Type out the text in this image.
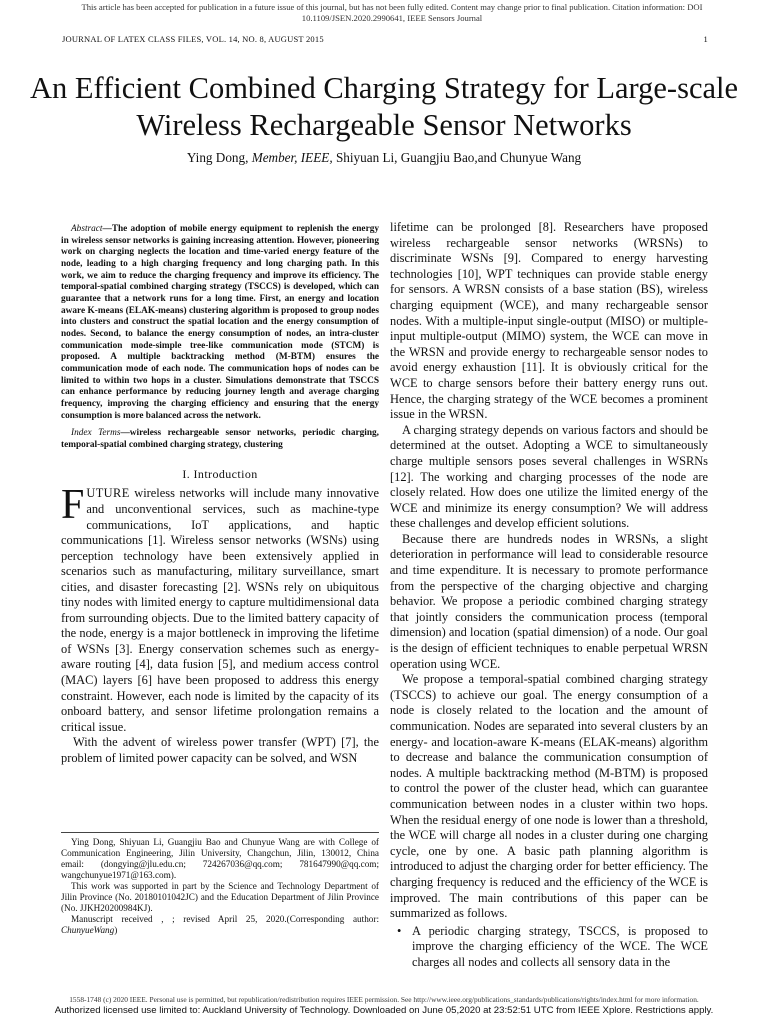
This article has been accepted for publication in a future issue of this journal, but has not been fully edited. Content may change prior to final publication. Citation information: DOI 10.1109/JSEN.2020.2990641, IEEE Sensors Journal
JOURNAL OF LATEX CLASS FILES, VOL. 14, NO. 8, AUGUST 2015	1
An Efficient Combined Charging Strategy for Large-scale Wireless Rechargeable Sensor Networks
Ying Dong, Member, IEEE, Shiyuan Li, Guangjiu Bao,and Chunyue Wang

Abstract—The adoption of mobile energy equipment to replenish the energy in wireless sensor networks is gaining increasing attention. However, pioneering work on charging neglects the location and time-varied energy feature of the node, leading to a high charging frequency and long charging path. In this work, we aim to reduce the charging frequency and improve its efficiency. The temporal-spatial combined charging strategy (TSCCS) is developed, which can guarantee that a network runs for a long time. First, an energy and location aware K-means (ELAK-means) clustering algorithm is proposed to group nodes into clusters and construct the spatial location and the energy consumption of nodes. Second, to balance the energy consumption of nodes, an intra-cluster communication mode-simple tree-like communication mode (STCM) is proposed. A multiple backtracking method (M-BTM) ensures the communication mode of each node. The communication hops of nodes can be limited to within two hops in a cluster. Simulations demonstrate that TSCCS can enhance performance by reducing journey length and average charging frequency, improving the charging efficiency and ensuring that the energy consumption is more balanced across the network.

Index Terms—wireless rechargeable sensor networks, periodic charging, temporal-spatial combined charging strategy, clustering

I. Introduction

FUTURE wireless networks will include many innovative and unconventional services, such as machine-type communications, IoT applications, and haptic communications [1]. Wireless sensor networks (WSNs) using perception technology have been extensively applied in scenarios such as manufacturing, military surveillance, smart cities, and disaster forecasting [2]. WSNs rely on ubiquitous tiny nodes with limited energy to capture multidimensional data from surrounding objects. Due to the limited battery capacity of the node, energy is a major bottleneck in improving the lifetime of WSNs [3]. Energy conservation schemes such as energy-aware routing [4], data fusion [5], and medium access control (MAC) layers [6] have been proposed to address this energy constraint. However, each node is limited by the capacity of its onboard battery, and sensor lifetime prolongation remains a critical issue.

With the advent of wireless power transfer (WPT) [7], the problem of limited power capacity can be solved, and WSN

Ying Dong, Shiyuan Li, Guangjiu Bao and Chunyue Wang are with College of Communication Engineering, Jilin University, Changchun, Jilin, 130012, China email: (dongying@jlu.edu.cn; 724267036@qq.com; 781647990@qq.com; wangchunyue1971@163.com).

This work was supported in part by the Science and Technology Department of Jilin Province (No. 20180101042JC) and the Education Department of Jilin Province (No. JJKH20200984KJ).

Manuscript received , ; revised April 25, 2020.(Corresponding author: ChunyueWang)

lifetime can be prolonged [8]. Researchers have proposed wireless rechargeable sensor networks (WRSNs) to discriminate WSNs [9]. Compared to energy harvesting technologies [10], WPT techniques can provide stable energy for sensors. A WRSN consists of a base station (BS), wireless charging equipment (WCE), and many rechargeable sensor nodes. With a multiple-input single-output (MISO) or multiple-input multiple-output (MIMO) system, the WCE can move in the WRSN and provide energy to rechargeable sensor nodes to avoid energy exhaustion [11]. It is obviously critical for the WCE to charge sensors before their battery energy runs out. Hence, the charging strategy of the WCE becomes a prominent issue in the WRSN.

A charging strategy depends on various factors and should be determined at the outset. Adopting a WCE to simultaneously charge multiple sensors poses several challenges in WSRNs [12]. The working and charging processes of the node are closely related. How does one utilize the limited energy of the WCE and minimize its energy consumption? We will address these challenges and develop efficient solutions.

Because there are hundreds nodes in WRSNs, a slight deterioration in performance will lead to considerable resource and time expenditure. It is necessary to promote performance from the perspective of the charging objective and charging behavior. We propose a periodic combined charging strategy that jointly considers the communication process (temporal dimension) and location (spatial dimension) of a node. Our goal is the design of efficient techniques to enable perpetual WRSN operation using WCE.

We propose a temporal-spatial combined charging strategy (TSCCS) to achieve our goal. The energy consumption of a node is closely related to the location and the amount of communication. Nodes are separated into several clusters by an energy- and location-aware K-means (ELAK-means) algorithm to decrease and balance the communication consumption of nodes. A multiple backtracking method (M-BTM) is proposed to control the power of the cluster head, which can guarantee communication between nodes in a cluster within two hops. When the residual energy of one node is lower than a threshold, the WCE will charge all nodes in a cluster during one charging cycle, one by one. A basic path planning algorithm is introduced to adjust the charging order for better efficiency. The charging frequency is reduced and the efficiency of the WCE is improved. The main contributions of this paper can be summarized as follows.

• A periodic charging strategy, TSCCS, is proposed to improve the charging efficiency of the WCE. The WCE charges all nodes and collects all sensory data in the
1558-1748 (c) 2020 IEEE. Personal use is permitted, but republication/redistribution requires IEEE permission. See http://www.ieee.org/publications_standards/publications/rights/index.html for more information.
Authorized licensed use limited to: Auckland University of Technology. Downloaded on June 05,2020 at 23:52:51 UTC from IEEE Xplore. Restrictions apply.
